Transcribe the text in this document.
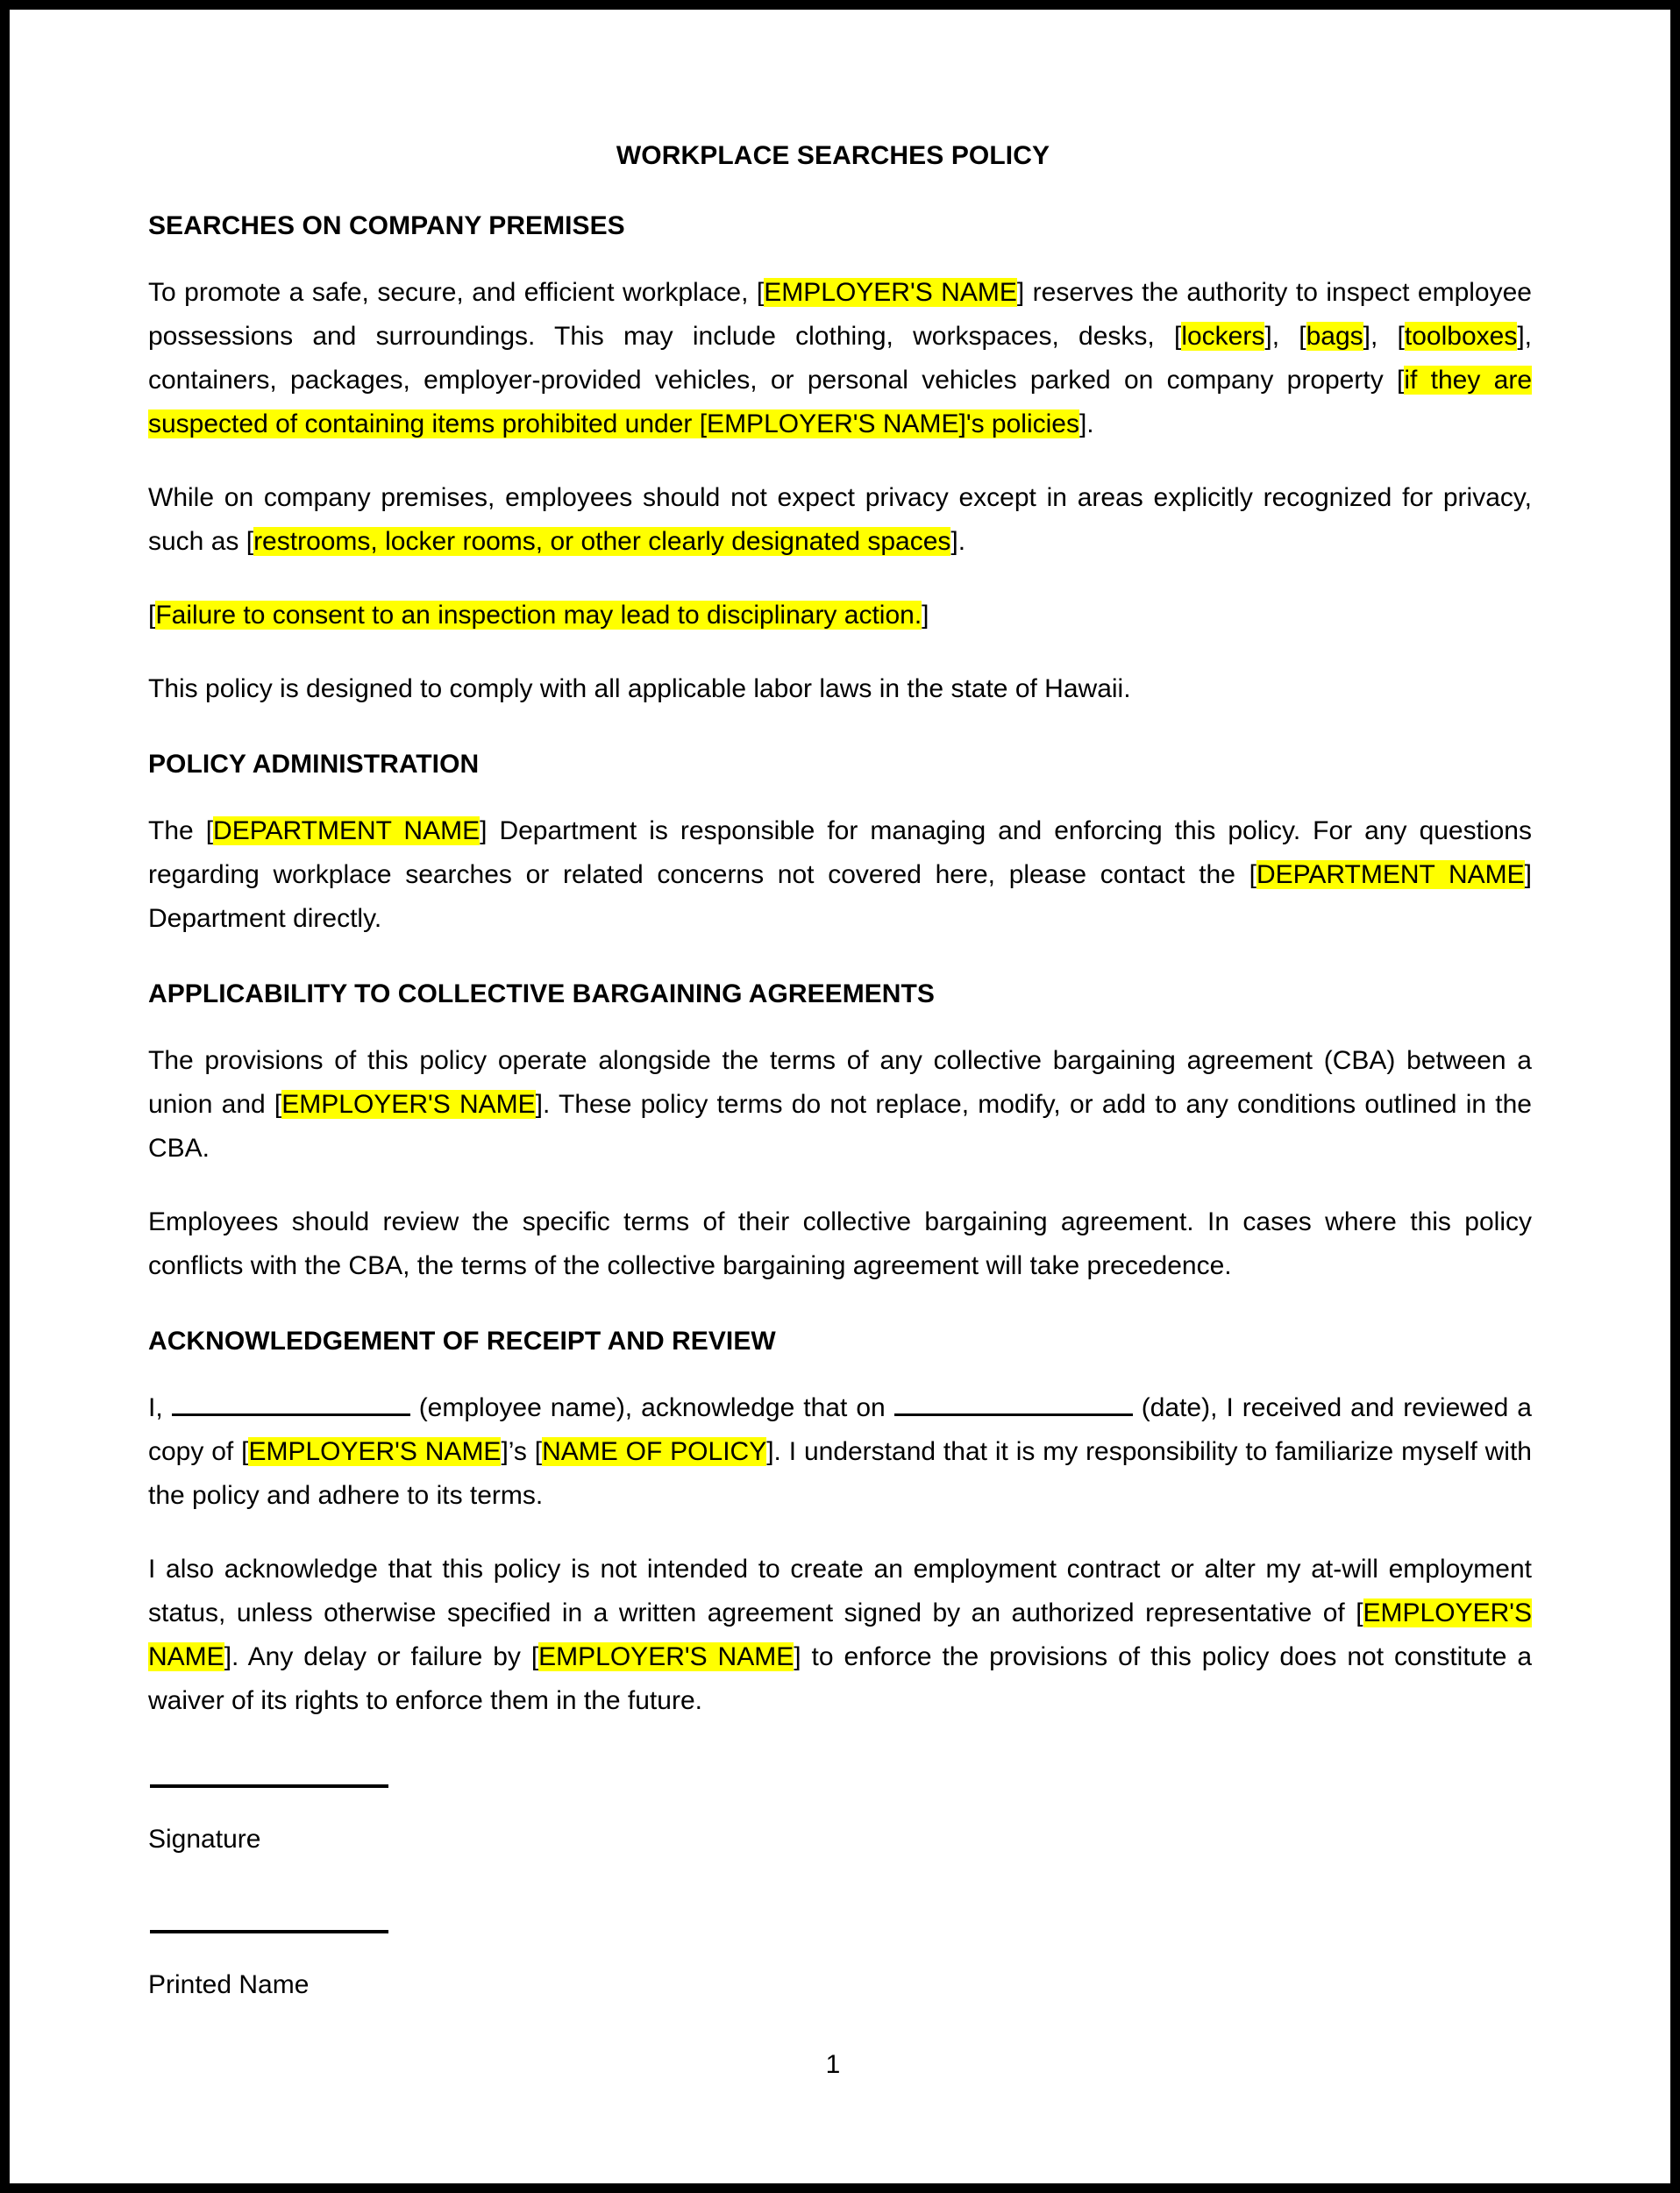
WORKPLACE SEARCHES POLICY
SEARCHES ON COMPANY PREMISES

To promote a safe, secure, and efficient workplace, [EMPLOYER'S NAME] reserves the authority to inspect employee possessions and surroundings. This may include clothing, workspaces, desks, [lockers], [bags], [toolboxes], containers, packages, employer-provided vehicles, or personal vehicles parked on company property [if they are suspected of containing items prohibited under [EMPLOYER'S NAME]'s policies].

While on company premises, employees should not expect privacy except in areas explicitly recognized for privacy, such as [restrooms, locker rooms, or other clearly designated spaces].

[Failure to consent to an inspection may lead to disciplinary action.]

This policy is designed to comply with all applicable labor laws in the state of Hawaii.

POLICY ADMINISTRATION

The [DEPARTMENT NAME] Department is responsible for managing and enforcing this policy. For any questions regarding workplace searches or related concerns not covered here, please contact the [DEPARTMENT NAME] Department directly.

APPLICABILITY TO COLLECTIVE BARGAINING AGREEMENTS

The provisions of this policy operate alongside the terms of any collective bargaining agreement (CBA) between a union and [EMPLOYER'S NAME]. These policy terms do not replace, modify, or add to any conditions outlined in the CBA.

Employees should review the specific terms of their collective bargaining agreement. In cases where this policy conflicts with the CBA, the terms of the collective bargaining agreement will take precedence.

ACKNOWLEDGEMENT OF RECEIPT AND REVIEW

I,	(employee name), acknowledge that on	(date), I received and reviewed a copy of [EMPLOYER'S NAME]’s [NAME OF POLICY]. I understand that it is my responsibility to familiarize myself with the policy and adhere to its terms.

I also acknowledge that this policy is not intended to create an employment contract or alter my at-will employment status, unless otherwise specified in a written agreement signed by an authorized representative of [EMPLOYER'S NAME]. Any delay or failure by [EMPLOYER'S NAME] to enforce the provisions of this policy does not constitute a waiver of its rights to enforce them in the future.

Signature

Printed Name

1
